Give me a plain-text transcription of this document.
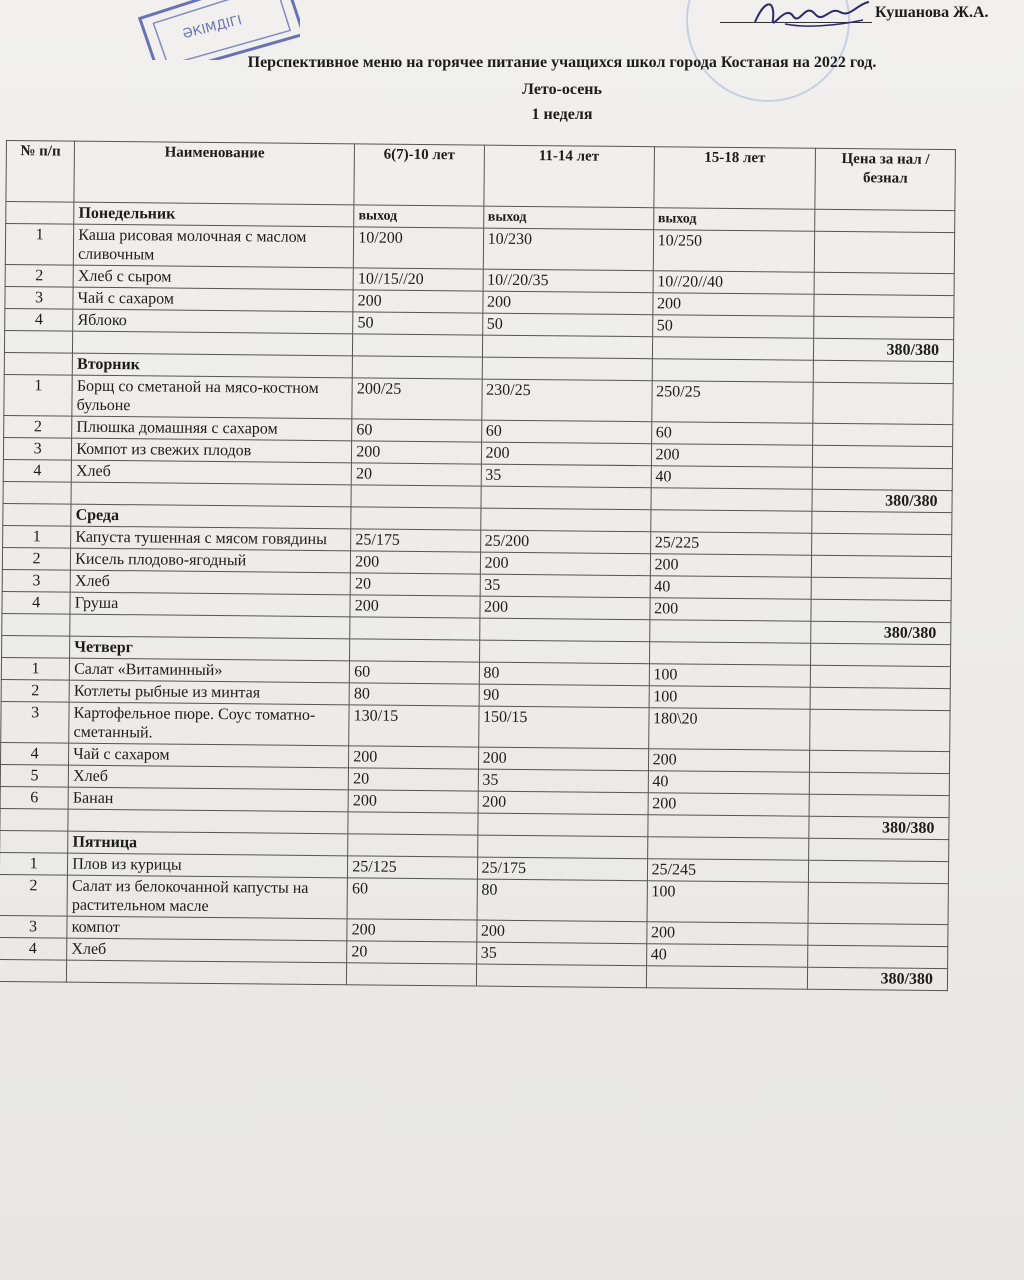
ӘКІМДІГІ
Кушанова Ж.А.
Перспективное меню на горячее питание учащихся школ города Костаная на 2022 год.
Лето-осень
1 неделя
№ п/п	Наименование	6(7)-10 лет	11-14 лет	15-18 лет	Цена за нал / безнал
	Понедельник	выход	выход	выход	
1	Каша рисовая молочная с маслом сливочным	10/200	10/230	10/250	
2	Хлеб с сыром	10//15//20	10//20/35	10//20//40	
3	Чай с сахаром	200	200	200	
4	Яблоко	50	50	50	
					380/380
	Вторник				
1	Борщ со сметаной на мясо-костном бульоне	200/25	230/25	250/25	
2	Плюшка домашняя с сахаром	60	60	60	
3	Компот из свежих плодов	200	200	200	
4	Хлеб	20	35	40	
					380/380
	Среда				
1	Капуста тушенная с мясом говядины	25/175	25/200	25/225	
2	Кисель плодово-ягодный	200	200	200	
3	Хлеб	20	35	40	
4	Груша	200	200	200	
					380/380
	Четверг				
1	Салат «Витаминный»	60	80	100	
2	Котлеты рыбные из минтая	80	90	100	
3	Картофельное пюре. Соус томатно-сметанный.	130/15	150/15	180\20	
4	Чай с сахаром	200	200	200	
5	Хлеб	20	35	40	
6	Банан	200	200	200	
					380/380
	Пятница				
1	Плов из курицы	25/125	25/175	25/245	
2	Салат из белокочанной капусты на растительном масле	60	80	100	
3	компот	200	200	200	
4	Хлеб	20	35	40	
					380/380
